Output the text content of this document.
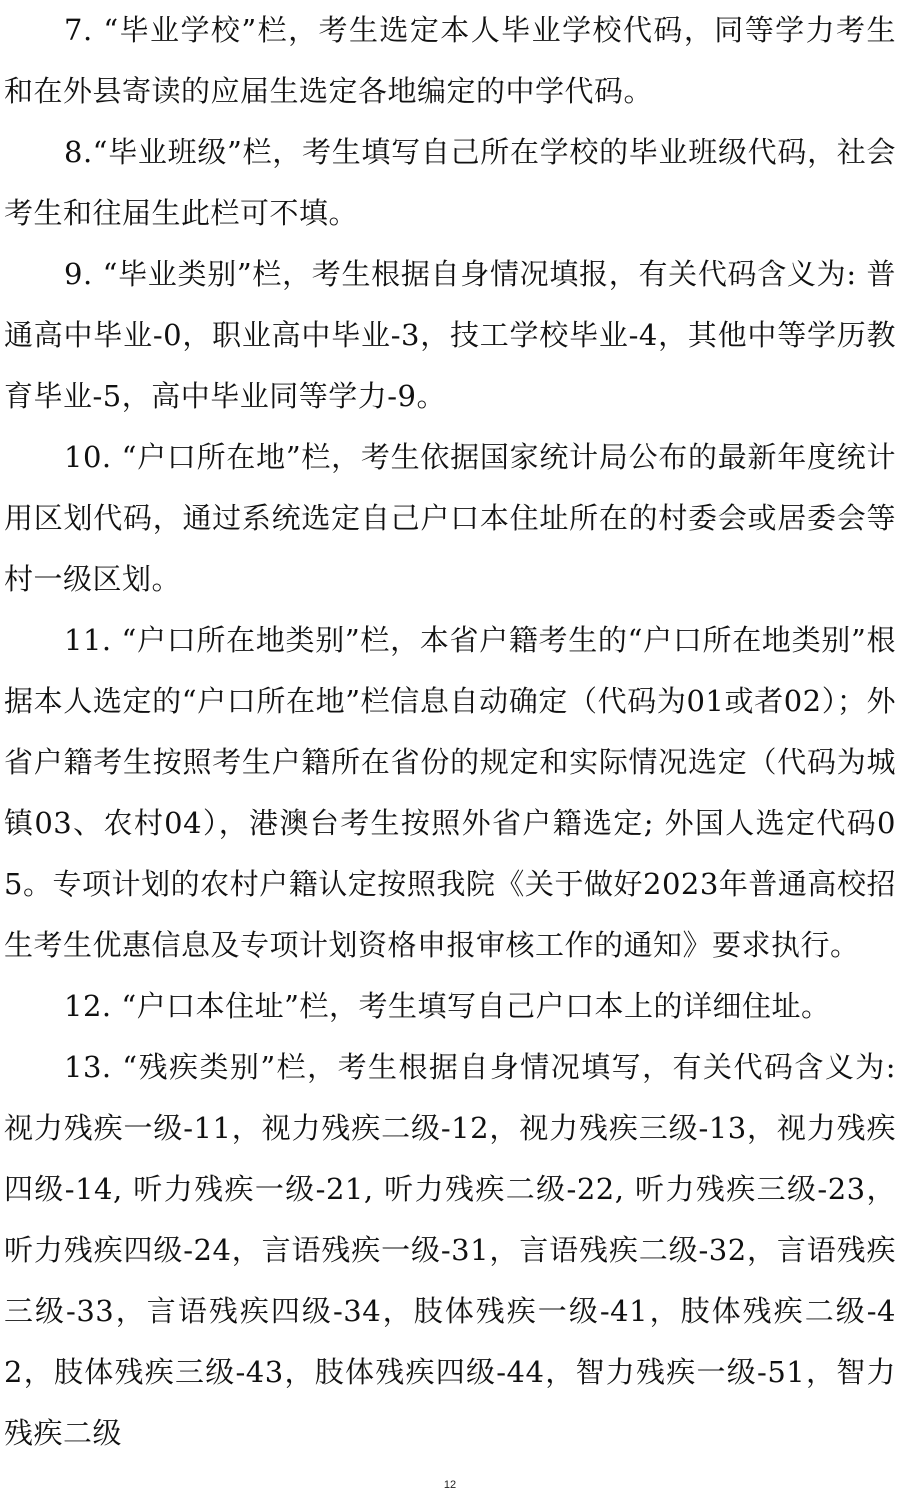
7. “毕业学校”栏，考生选定本人毕业学校代码，同等学力考生和在外县寄读的应届生选定各地编定的中学代码。

8.“毕业班级”栏，考生填写自己所在学校的毕业班级代码，社会考生和往届生此栏可不填。

9. “毕业类别”栏，考生根据自身情况填报，有关代码含义为: 普通高中毕业-0，职业高中毕业-3，技工学校毕业-4，其他中等学历教育毕业-5，高中毕业同等学力-9。

10. “户口所在地”栏，考生依据国家统计局公布的最新年度统计用区划代码，通过系统选定自己户口本住址所在的村委会或居委会等村一级区划。

11. “户口所在地类别”栏，本省户籍考生的“户口所在地类别”根据本人选定的“户口所在地”栏信息自动确定（代码为01或者02）；外省户籍考生按照考生户籍所在省份的规定和实际情况选定（代码为城镇03、农村04），港澳台考生按照外省户籍选定; 外国人选定代码05。专项计划的农村户籍认定按照我院《关于做好2023年普通高校招生考生优惠信息及专项计划资格申报审核工作的通知》要求执行。

12. “户口本住址”栏，考生填写自己户口本上的详细住址。

13. “残疾类别”栏，考生根据自身情况填写，有关代码含义为: 视力残疾一级-11，视力残疾二级-12，视力残疾三级-13，视力残疾四级-14, 听力残疾一级-21, 听力残疾二级-22, 听力残疾三级-23，听力残疾四级-24，言语残疾一级-31，言语残疾二级-32，言语残疾三级-33，言语残疾四级-34，肢体残疾一级-41，肢体残疾二级-42，肢体残疾三级-43，肢体残疾四级-44，智力残疾一级-51，智力残疾二级

12
